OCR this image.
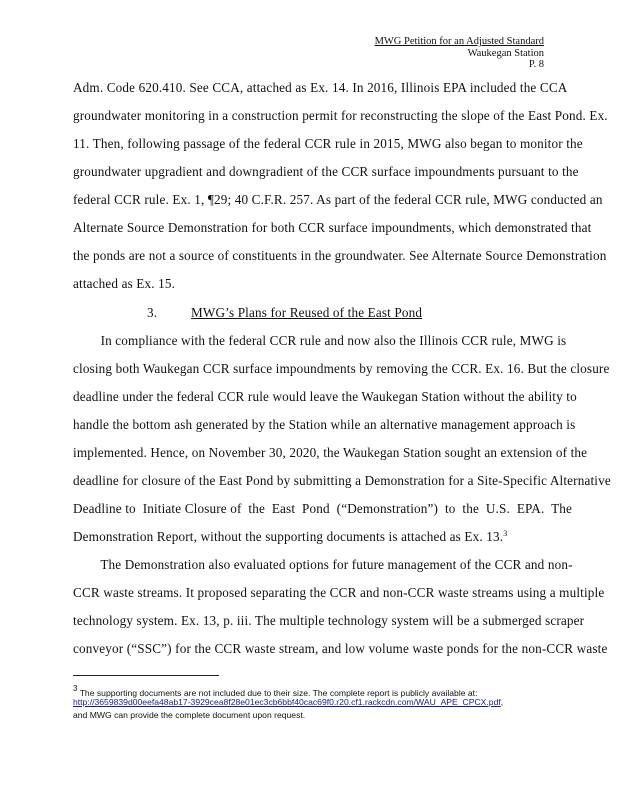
MWG Petition for an Adjusted Standard
Waukegan Station
P. 8
Adm. Code 620.410. See CCA, attached as Ex. 14. In 2016, Illinois EPA included the CCA
groundwater monitoring in a construction permit for reconstructing the slope of the East Pond. Ex.
11. Then, following passage of the federal CCR rule in 2015, MWG also began to monitor the
groundwater upgradient and downgradient of the CCR surface impoundments pursuant to the
federal CCR rule. Ex. 1, ¶29; 40 C.F.R. 257. As part of the federal CCR rule, MWG conducted an
Alternate Source Demonstration for both CCR surface impoundments, which demonstrated that
the ponds are not a source of constituents in the groundwater. See Alternate Source Demonstration
attached as Ex. 15.
3.	MWG’s Plans for Reused of the East Pond
In compliance with the federal CCR rule and now also the Illinois CCR rule, MWG is
closing both Waukegan CCR surface impoundments by removing the CCR. Ex. 16. But the closure
deadline under the federal CCR rule would leave the Waukegan Station without the ability to
handle the bottom ash generated by the Station while an alternative management approach is
implemented. Hence, on November 30, 2020, the Waukegan Station sought an extension of the
deadline for closure of the East Pond by submitting a Demonstration for a Site-Specific Alternative
Deadline to  Initiate Closure of  the  East  Pond  (“Demonstration”)  to  the  U.S.  EPA.  The
Demonstration Report, without the supporting documents is attached as Ex. 13.$^3$
The Demonstration also evaluated options for future management of the CCR and non-
CCR waste streams. It proposed separating the CCR and non-CCR waste streams using a multiple
technology system. Ex. 13, p. iii. The multiple technology system will be a submerged scraper
conveyor (“SSC”) for the CCR waste stream, and low volume waste ponds for the non-CCR waste
$^3$ The supporting documents are not included due to their size. The complete report is publicly available at:
http://3659839d00eefa48ab17-3929cea8f28e01ec3cb6bbf40cac69f0.r20.cf1.rackcdn.com/WAU_APE_CPCX.pdf,
and MWG can provide the complete document upon request.
